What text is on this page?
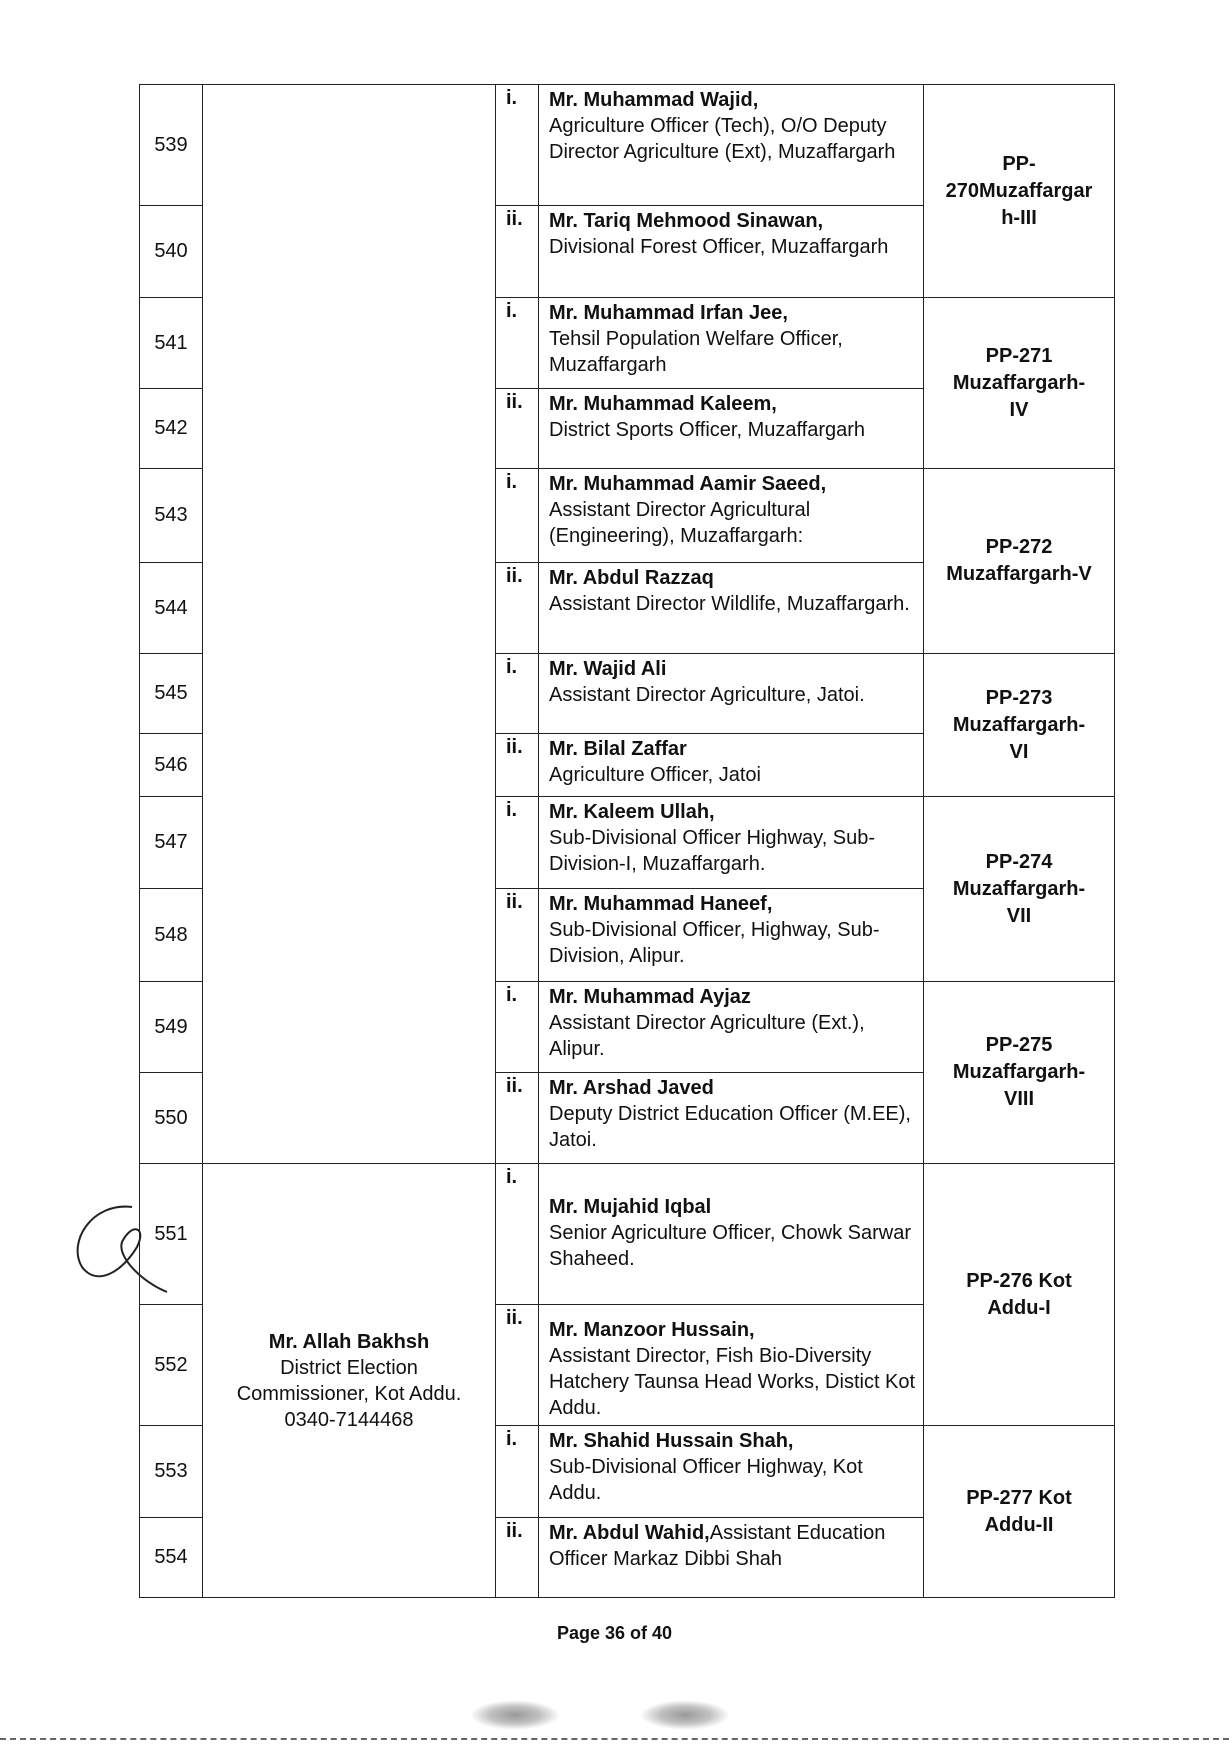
539		i.	Mr. Muhammad Wajid,
Agriculture Officer (Tech), O/O Deputy Director Agriculture (Ext), Muzaffargarh	PP-
270Muzaffargar
h-III
540		ii.	Mr. Tariq Mehmood Sinawan,
Divisional Forest Officer, Muzaffargarh	
541		i.	Mr. Muhammad Irfan Jee,
Tehsil Population Welfare Officer, Muzaffargarh	PP-271
Muzaffargarh-
IV
542		ii.	Mr. Muhammad Kaleem,
District Sports Officer, Muzaffargarh	
543		i.	Mr. Muhammad Aamir Saeed,
Assistant Director Agricultural (Engineering), Muzaffargarh:	PP-272
Muzaffargarh-V

544		ii.	Mr. Abdul Razzaq
Assistant Director Wildlife, Muzaffargarh.	
545		i.	Mr. Wajid Ali
Assistant Director Agriculture, Jatoi.	PP-273
Muzaffargarh-
VI
546		ii.	Mr. Bilal Zaffar
Agriculture Officer, Jatoi	
547		i.	Mr. Kaleem Ullah,
Sub-Divisional Officer Highway, Sub-Division-I, Muzaffargarh.	PP-274
Muzaffargarh-
VII
548		ii.	Mr. Muhammad Haneef,
Sub-Divisional Officer, Highway, Sub-Division, Alipur.	
549		i.	Mr. Muhammad Ayjaz
Assistant Director Agriculture (Ext.), Alipur.	PP-275
Muzaffargarh-
VIII
550		ii.	Mr. Arshad Javed
Deputy District Education Officer (M.EE), Jatoi.	
551	Mr. Allah Bakhsh
District Election
Commissioner, Kot Addu.
0340-7144468	i.	Mr. Mujahid Iqbal
Senior Agriculture Officer, Chowk Sarwar Shaheed.	PP-276 Kot
Addu-I

552		ii.	Mr. Manzoor Hussain,
Assistant Director, Fish Bio-Diversity Hatchery Taunsa Head Works, Distict Kot Addu.	
553		i.	Mr. Shahid Hussain Shah,
Sub-Divisional Officer Highway, Kot Addu.	PP-277 Kot
Addu-II

554		ii.	Mr. Abdul Wahid,Assistant Education Officer Markaz Dibbi Shah	
Page 36 of 40
